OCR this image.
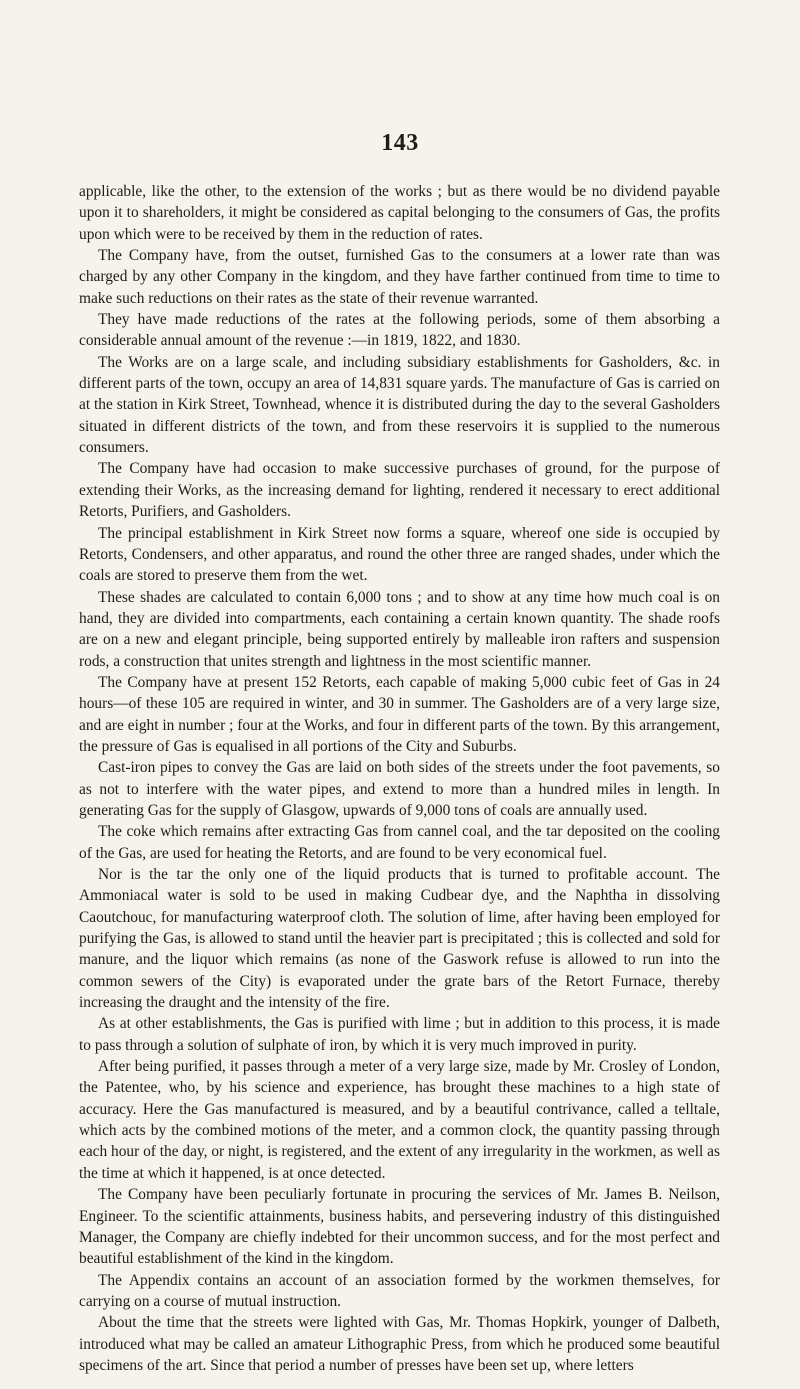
143

applicable, like the other, to the extension of the works ; but as there would be no dividend payable upon it to shareholders, it might be considered as capital belonging to the consumers of Gas, the profits upon which were to be received by them in the reduction of rates.

The Company have, from the outset, furnished Gas to the consumers at a lower rate than was charged by any other Company in the kingdom, and they have farther continued from time to time to make such reductions on their rates as the state of their revenue warranted.

They have made reductions of the rates at the following periods, some of them absorbing a considerable annual amount of the revenue :—in 1819, 1822, and 1830.

The Works are on a large scale, and including subsidiary establishments for Gasholders, &c. in different parts of the town, occupy an area of 14,831 square yards. The manufacture of Gas is carried on at the station in Kirk Street, Townhead, whence it is distributed during the day to the several Gasholders situated in different districts of the town, and from these reservoirs it is supplied to the numerous consumers.

The Company have had occasion to make successive purchases of ground, for the purpose of extending their Works, as the increasing demand for lighting, rendered it necessary to erect additional Retorts, Purifiers, and Gasholders.

The principal establishment in Kirk Street now forms a square, whereof one side is occupied by Retorts, Condensers, and other apparatus, and round the other three are ranged shades, under which the coals are stored to preserve them from the wet.

These shades are calculated to contain 6,000 tons ; and to show at any time how much coal is on hand, they are divided into compartments, each containing a certain known quantity. The shade roofs are on a new and elegant principle, being supported entirely by malleable iron rafters and suspension rods, a construction that unites strength and lightness in the most scientific manner.

The Company have at present 152 Retorts, each capable of making 5,000 cubic feet of Gas in 24 hours—of these 105 are required in winter, and 30 in summer. The Gasholders are of a very large size, and are eight in number ; four at the Works, and four in different parts of the town. By this arrangement, the pressure of Gas is equalised in all portions of the City and Suburbs.

Cast-iron pipes to convey the Gas are laid on both sides of the streets under the foot pavements, so as not to interfere with the water pipes, and extend to more than a hundred miles in length. In generating Gas for the supply of Glasgow, upwards of 9,000 tons of coals are annually used.

The coke which remains after extracting Gas from cannel coal, and the tar deposited on the cooling of the Gas, are used for heating the Retorts, and are found to be very economical fuel.

Nor is the tar the only one of the liquid products that is turned to profitable account. The Ammoniacal water is sold to be used in making Cudbear dye, and the Naphtha in dissolving Caoutchouc, for manufacturing waterproof cloth. The solution of lime, after having been employed for purifying the Gas, is allowed to stand until the heavier part is precipitated ; this is collected and sold for manure, and the liquor which remains (as none of the Gaswork refuse is allowed to run into the common sewers of the City) is evaporated under the grate bars of the Retort Furnace, thereby increasing the draught and the intensity of the fire.

As at other establishments, the Gas is purified with lime ; but in addition to this process, it is made to pass through a solution of sulphate of iron, by which it is very much improved in purity.

After being purified, it passes through a meter of a very large size, made by Mr. Crosley of London, the Patentee, who, by his science and experience, has brought these machines to a high state of accuracy. Here the Gas manufactured is measured, and by a beautiful contrivance, called a telltale, which acts by the combined motions of the meter, and a common clock, the quantity passing through each hour of the day, or night, is registered, and the extent of any irregularity in the workmen, as well as the time at which it happened, is at once detected.

The Company have been peculiarly fortunate in procuring the services of Mr. James B. Neilson, Engineer. To the scientific attainments, business habits, and persevering industry of this distinguished Manager, the Company are chiefly indebted for their uncommon success, and for the most perfect and beautiful establishment of the kind in the kingdom.

The Appendix contains an account of an association formed by the workmen themselves, for carrying on a course of mutual instruction.

About the time that the streets were lighted with Gas, Mr. Thomas Hopkirk, younger of Dalbeth, introduced what may be called an amateur Lithographic Press, from which he produced some beautiful specimens of the art. Since that period a number of presses have been set up, where letters
